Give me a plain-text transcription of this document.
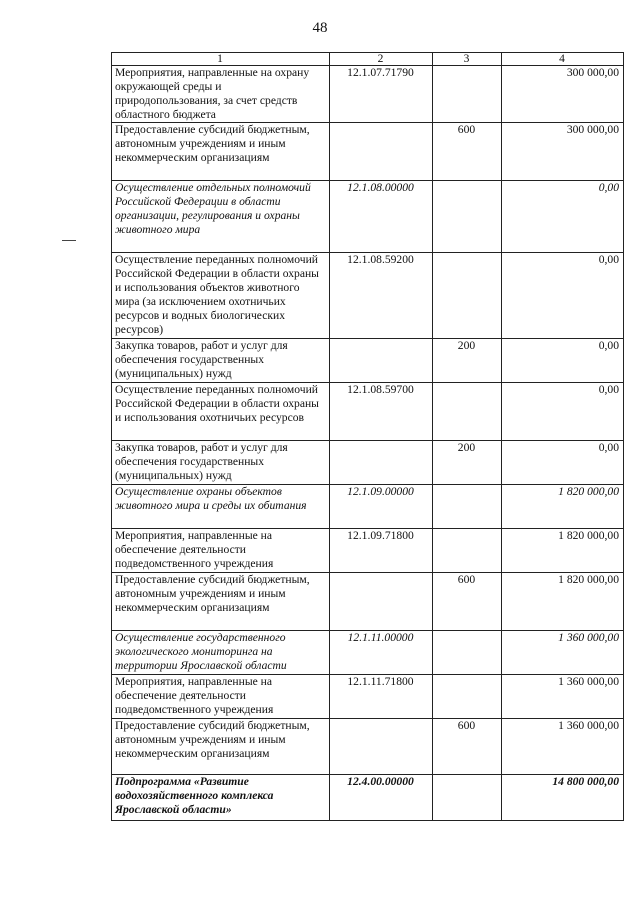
48
1	2	3	4
Мероприятия, направленные на охрану окружающей среды и природопользования, за счет средств областного бюджета	12.1.07.71790		300 000,00
Предоставление субсидий бюджетным, автономным учреждениям и иным некоммерческим организациям		600	300 000,00
Осуществление отдельных полномочий Российской Федерации в области организации, регулирования и охраны животного мира	12.1.08.00000		0,00
Осуществление переданных полномочий Российской Федерации в области охраны и использования объектов животного мира (за исключением охотничьих ресурсов и водных биологических ресурсов)	12.1.08.59200		0,00
Закупка товаров, работ и услуг для обеспечения государственных (муниципальных) нужд		200	0,00
Осуществление переданных полномочий Российской Федерации в области охраны и использования охотничьих ресурсов	12.1.08.59700		0,00
Закупка товаров, работ и услуг для обеспечения государственных (муниципальных) нужд		200	0,00
Осуществление охраны объектов животного мира и среды их обитания	12.1.09.00000		1 820 000,00
Мероприятия, направленные на обеспечение деятельности подведомственного учреждения	12.1.09.71800		1 820 000,00
Предоставление субсидий бюджетным, автономным учреждениям и иным некоммерческим организациям		600	1 820 000,00
Осуществление государственного экологического мониторинга на территории Ярославской области	12.1.11.00000		1 360 000,00
Мероприятия, направленные на обеспечение деятельности подведомственного учреждения	12.1.11.71800		1 360 000,00
Предоставление субсидий бюджетным, автономным учреждениям и иным некоммерческим организациям		600	1 360 000,00
Подпрограмма «Развитие водохозяйственного комплекса Ярославской области»	12.4.00.00000		14 800 000,00
